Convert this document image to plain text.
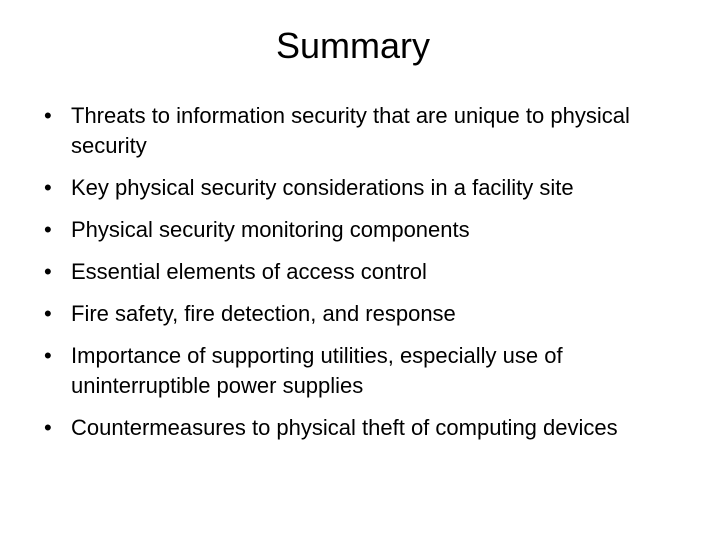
Summary
• Threats to information security that are unique to physical security
• Key physical security considerations in a facility site
• Physical security monitoring components
• Essential elements of access control
• Fire safety, fire detection, and response
• Importance of supporting utilities, especially use of uninterruptible power supplies
• Countermeasures to physical theft of computing devices
